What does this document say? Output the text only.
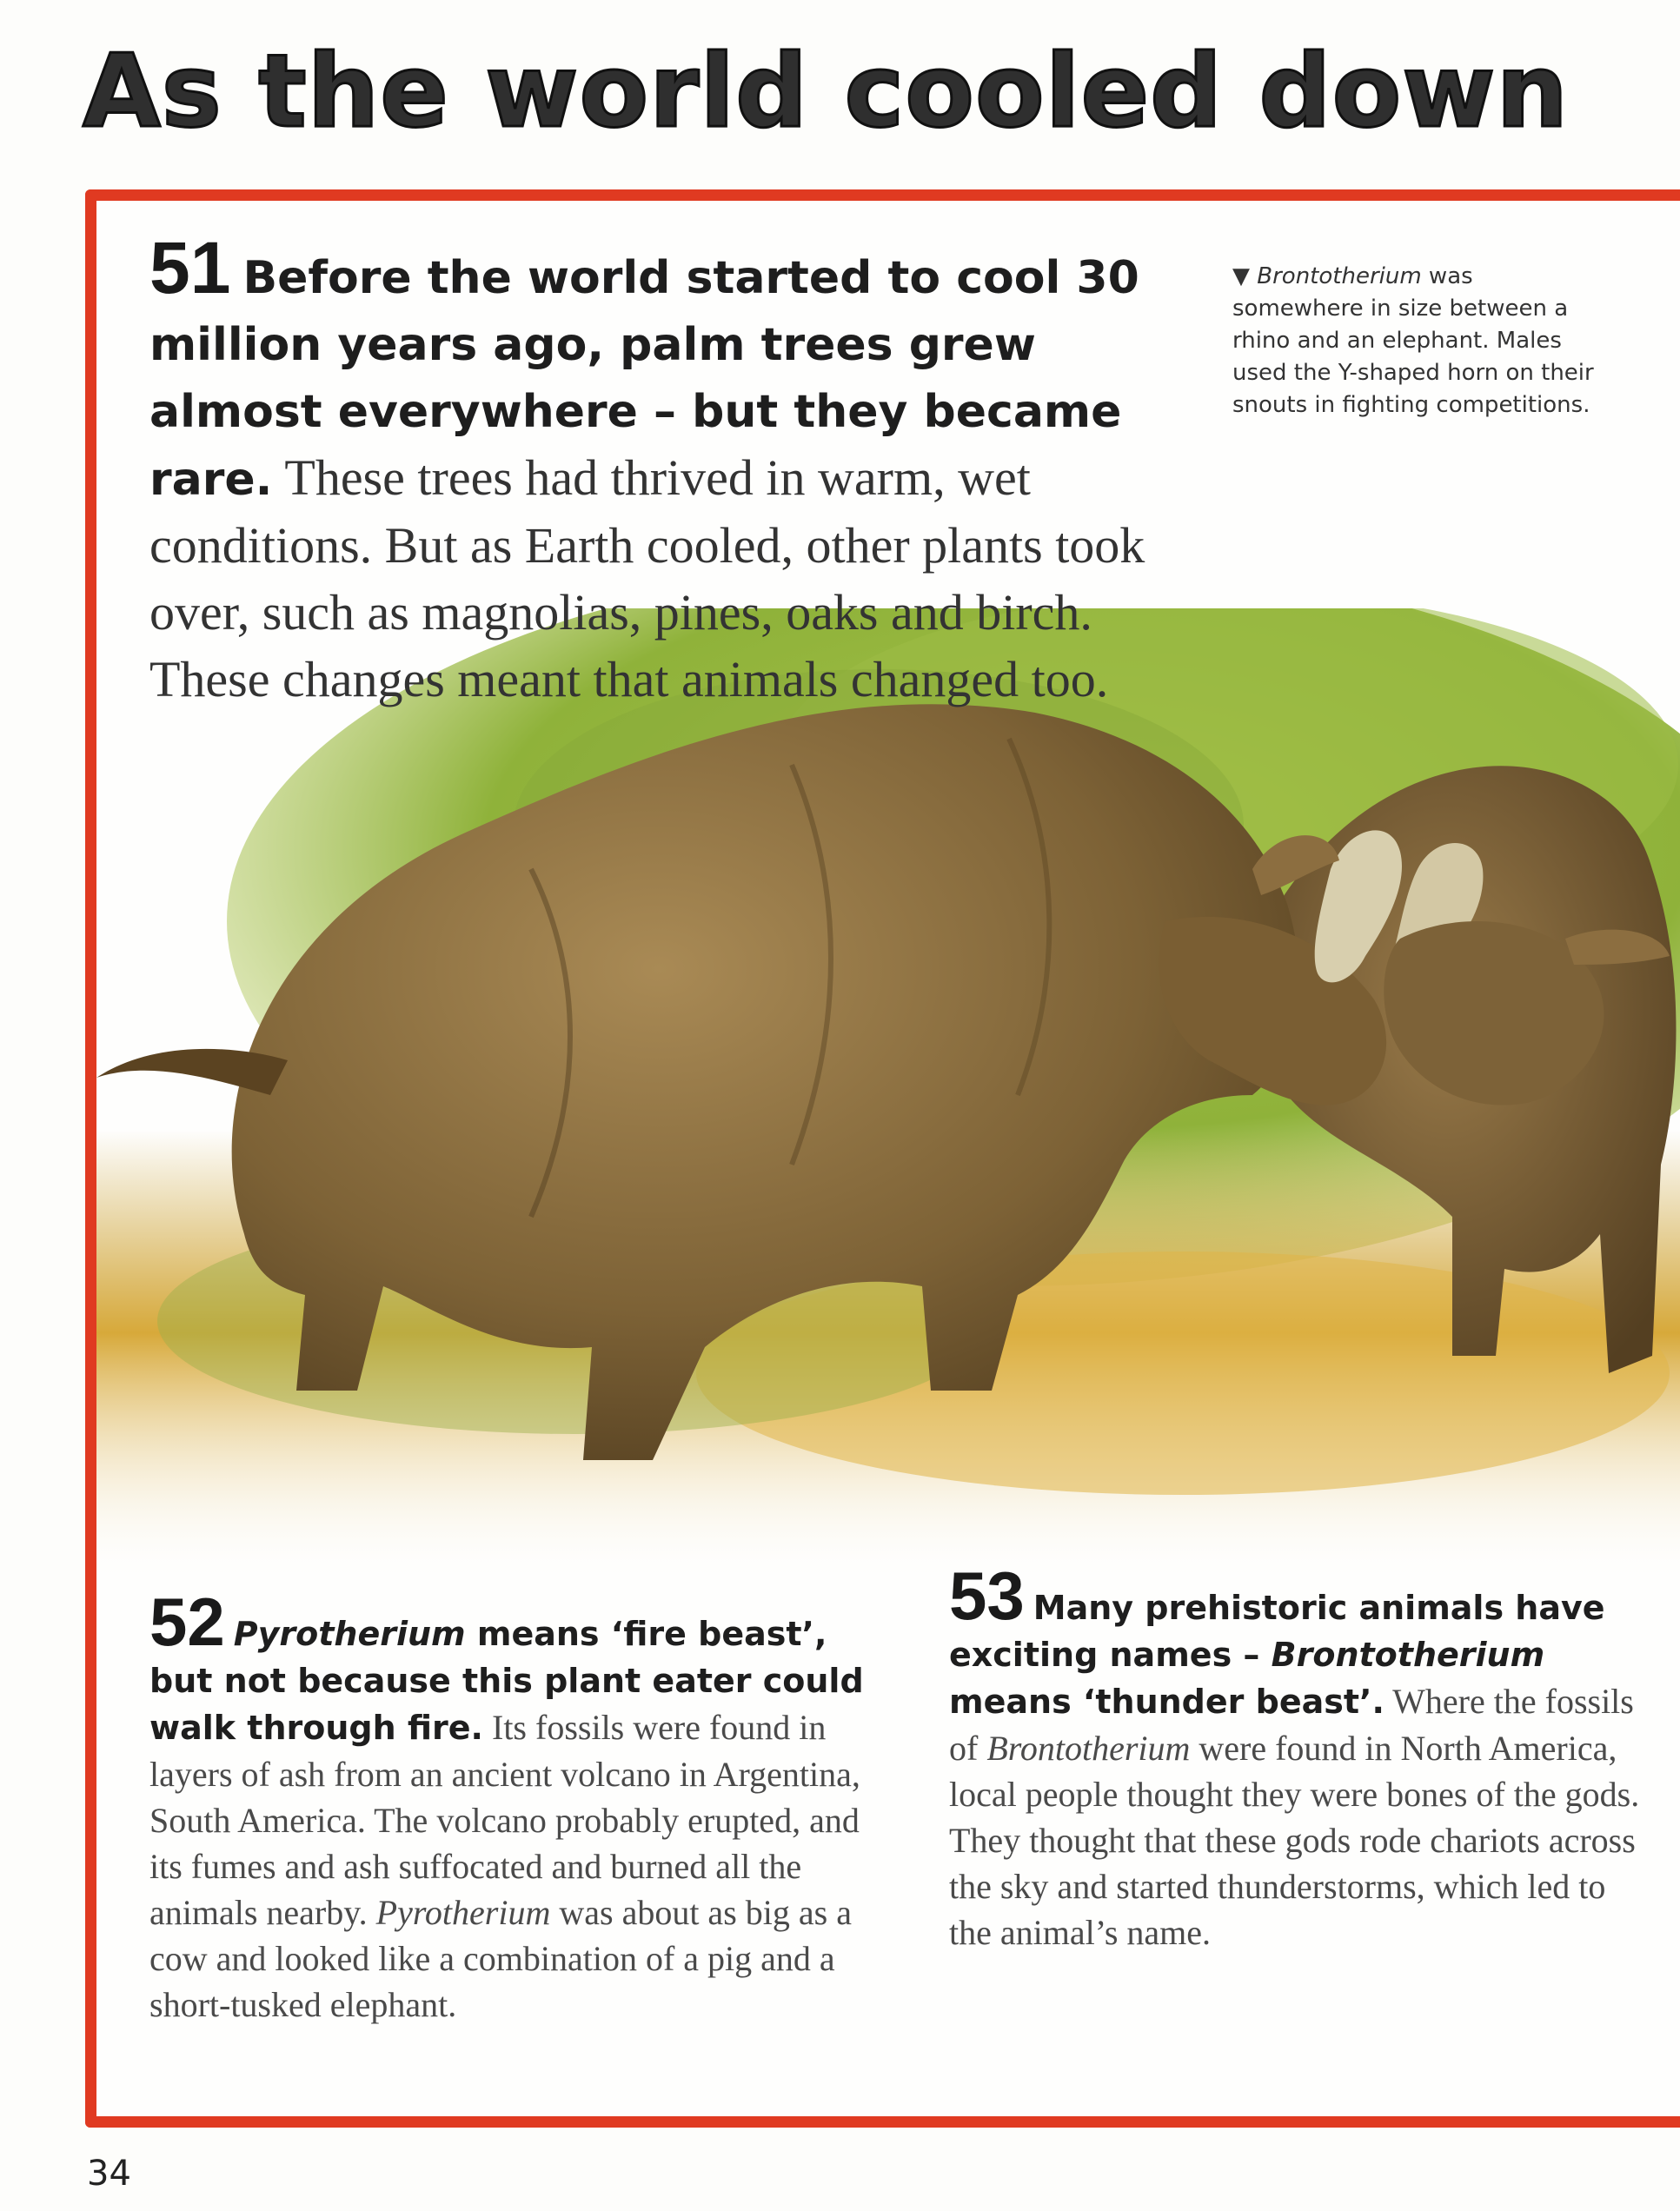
As the world cooled down
51 Before the world started to cool 30 million years ago, palm trees grew almost everywhere – but they became rare. These trees had thrived in warm, wet conditions. But as Earth cooled, other plants took over, such as magnolias, pines, oaks and birch. These changes meant that animals changed too.
▼ Brontotherium was somewhere in size between a rhino and an elephant. Males used the Y-shaped horn on their snouts in fighting competitions.
52 Pyrotherium means ‘fire beast’, but not because this plant eater could walk through fire. Its fossils were found in layers of ash from an ancient volcano in Argentina, South America. The volcano probably erupted, and its fumes and ash suffocated and burned all the animals nearby. Pyrotherium was about as big as a cow and looked like a combination of a pig and a short-tusked elephant.
53 Many prehistoric animals have exciting names – Brontotherium means ‘thunder beast’. Where the fossils of Brontotherium were found in North America, local people thought they were bones of the gods. They thought that these gods rode chariots across the sky and started thunderstorms, which led to the animal’s name.
34
